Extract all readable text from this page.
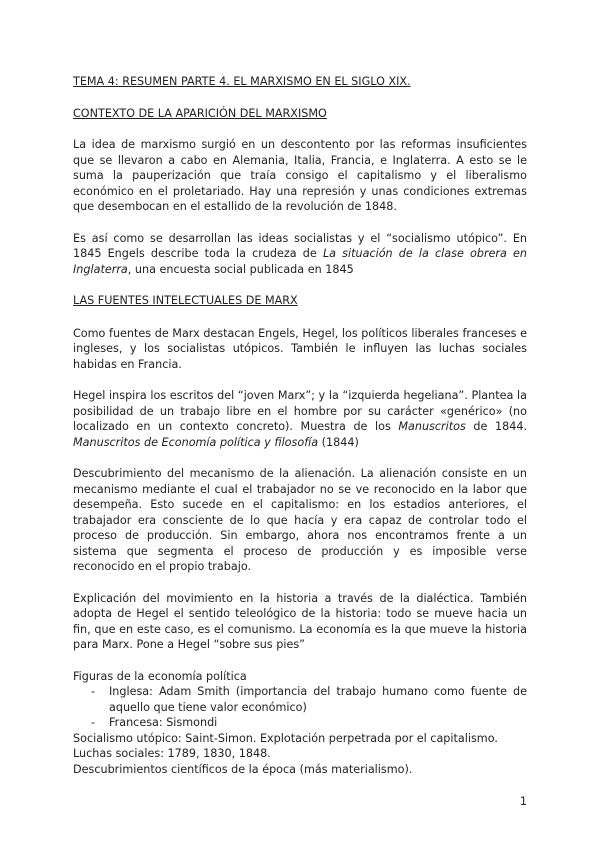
TEMA 4: RESUMEN PARTE 4. EL MARXISMO EN EL SIGLO XIX.

CONTEXTO DE LA APARICIÓN DEL MARXISMO

La idea de marxismo surgió en un descontento por las reformas insuficientes que se llevaron a cabo en Alemania, Italia, Francia, e Inglaterra. A esto se le suma la pauperización que traía consigo el capitalismo y el liberalismo económico en el proletariado. Hay una represión y unas condiciones extremas que desembocan en el estallido de la revolución de 1848.

Es así como se desarrollan las ideas socialistas y el “socialismo utópico”. En 1845 Engels describe toda la crudeza de La situación de la clase obrera en Inglaterra, una encuesta social publicada en 1845

LAS FUENTES INTELECTUALES DE MARX

Como fuentes de Marx destacan Engels, Hegel, los políticos liberales franceses e ingleses, y los socialistas utópicos. También le influyen las luchas sociales habidas en Francia.

Hegel inspira los escritos del “joven Marx”; y la “izquierda hegeliana”. Plantea la posibilidad de un trabajo libre en el hombre por su carácter «genérico» (no localizado en un contexto concreto). Muestra de los Manuscritos de 1844. Manuscritos de Economía política y filosofía (1844)

Descubrimiento del mecanismo de la alienación. La alienación consiste en un mecanismo mediante el cual el trabajador no se ve reconocido en la labor que desempeña. Esto sucede en el capitalismo: en los estadios anteriores, el trabajador era consciente de lo que hacía y era capaz de controlar todo el proceso de producción. Sin embargo, ahora nos encontramos frente a un sistema que segmenta el proceso de producción y es imposible verse reconocido en el propio trabajo.

Explicación del movimiento en la historia a través de la dialéctica. También adopta de Hegel el sentido teleológico de la historia: todo se mueve hacia un fin, que en este caso, es el comunismo. La economía es la que mueve la historia para Marx. Pone a Hegel “sobre sus pies”

Figuras de la economía política

- Inglesa: Adam Smith (importancia del trabajo humano como fuente de aquello que tiene valor económico)
- Francesa: Sismondi

Socialismo utópico: Saint-Simon. Explotación perpetrada por el capitalismo.

Luchas sociales: 1789, 1830, 1848.

Descubrimientos científicos de la época (más materialismo).

1
